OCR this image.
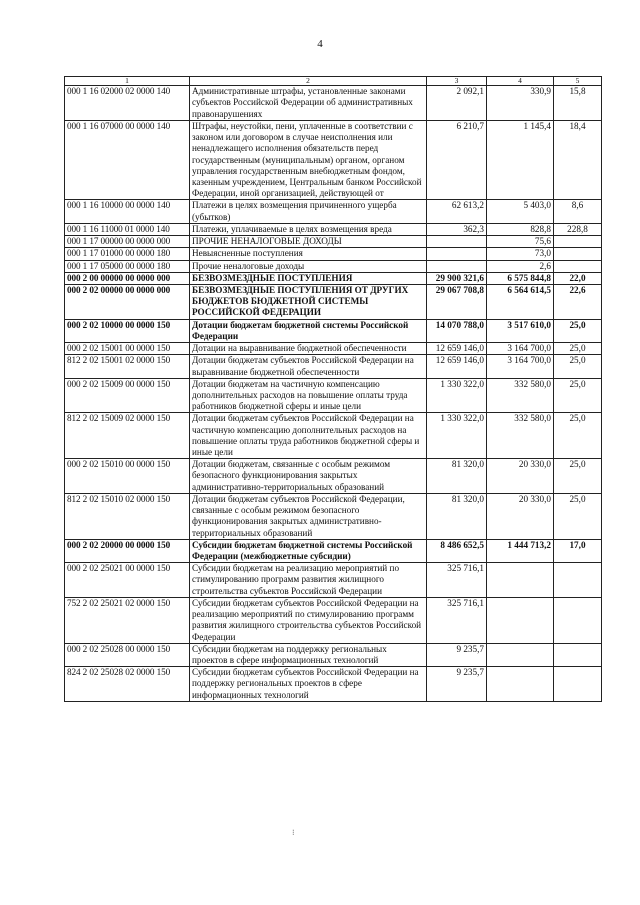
4
1	2	3	4	5
000 1 16 02000 02 0000 140	Административные штрафы, установленные законами субъектов Российской Федерации об административных правонарушениях	2 092,1	330,9	15,8
000 1 16 07000 00 0000 140	Штрафы, неустойки, пени, уплаченные в соответствии с законом или договором в случае неисполнения или ненадлежащего исполнения обязательств перед государственным (муниципальным) органом, органом управления государственным внебюджетным фондом, казенным учреждением, Центральным банком Российской Федерации, иной организацией, действующей от	6 210,7	1 145,4	18,4
000 1 16 10000 00 0000 140	Платежи в целях возмещения причиненного ущерба (убытков)	62 613,2	5 403,0	8,6
000 1 16 11000 01 0000 140	Платежи, уплачиваемые в целях возмещения вреда	362,3	828,8	228,8
000 1 17 00000 00 0000 000	ПРОЧИЕ НЕНАЛОГОВЫЕ ДОХОДЫ		75,6	
000 1 17 01000 00 0000 180	Невыясненные поступления		73,0	
000 1 17 05000 00 0000 180	Прочие неналоговые доходы		2,6	
000 2 00 00000 00 0000 000	БЕЗВОЗМЕЗДНЫЕ ПОСТУПЛЕНИЯ	29 900 321,6	6 575 844,8	22,0
000 2 02 00000 00 0000 000	БЕЗВОЗМЕЗДНЫЕ ПОСТУПЛЕНИЯ ОТ ДРУГИХ БЮДЖЕТОВ БЮДЖЕТНОЙ СИСТЕМЫ РОССИЙСКОЙ ФЕДЕРАЦИИ	29 067 708,8	6 564 614,5	22,6
000 2 02 10000 00 0000 150	Дотации бюджетам бюджетной системы Российской Федерации	14 070 788,0	3 517 610,0	25,0
000 2 02 15001 00 0000 150	Дотации на выравнивание бюджетной обеспеченности	12 659 146,0	3 164 700,0	25,0
812 2 02 15001 02 0000 150	Дотации бюджетам субъектов Российской Федерации на выравнивание бюджетной обеспеченности	12 659 146,0	3 164 700,0	25,0
000 2 02 15009 00 0000 150	Дотации бюджетам на частичную компенсацию дополнительных расходов на повышение оплаты труда работников бюджетной сферы и иные цели	1 330 322,0	332 580,0	25,0
812 2 02 15009 02 0000 150	Дотации бюджетам субъектов Российской Федерации на частичную компенсацию дополнительных расходов на повышение оплаты труда работников бюджетной сферы и иные цели	1 330 322,0	332 580,0	25,0
000 2 02 15010 00 0000 150	Дотации бюджетам, связанные с особым режимом безопасного функционирования закрытых административно-территориальных образований	81 320,0	20 330,0	25,0
812 2 02 15010 02 0000 150	Дотации бюджетам субъектов Российской Федерации, связанные с особым режимом безопасного функционирования закрытых административно-территориальных образований	81 320,0	20 330,0	25,0
000 2 02 20000 00 0000 150	Субсидии бюджетам бюджетной системы Российской Федерации (межбюджетные субсидии)	8 486 652,5	1 444 713,2	17,0
000 2 02 25021 00 0000 150	Субсидии бюджетам на реализацию мероприятий по стимулированию программ развития жилищного строительства субъектов Российской Федерации	325 716,1		
752 2 02 25021 02 0000 150	Субсидии бюджетам субъектов Российской Федерации на реализацию мероприятий по стимулированию программ развития жилищного строительства субъектов Российской Федерации	325 716,1		
000 2 02 25028 00 0000 150	Субсидии бюджетам на поддержку региональных проектов в сфере информационных технологий	9 235,7		
824 2 02 25028 02 0000 150	Субсидии бюджетам субъектов Российской Федерации на поддержку региональных проектов в сфере информационных технологий	9 235,7		
⁝
